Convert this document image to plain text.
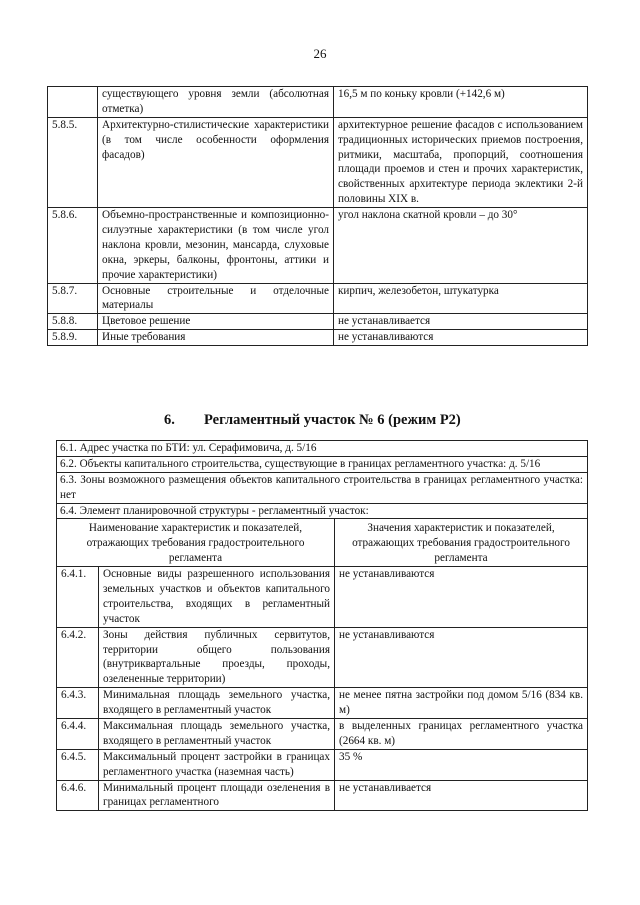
26
	существующего уровня земли (абсолютная отметка)	16,5 м по коньку кровли (+142,6 м)
5.8.5.	Архитектурно-стилистические характеристики (в том числе особенности оформления фасадов)	архитектурное решение фасадов с использованием традиционных исторических приемов построения, ритмики, масштаба, пропорций, соотношения площади проемов и стен и прочих характеристик, свойственных архитектуре периода эклектики 2-й половины XIX в.
5.8.6.	Объемно-пространственные и композиционно-силуэтные характеристики (в том числе угол наклона кровли, мезонин, мансарда, слуховые окна, эркеры, балконы, фронтоны, аттики и прочие характеристики)	угол наклона скатной кровли – до 30°
5.8.7.	Основные строительные и отделочные материалы	кирпич, железобетон, штукатурка
5.8.8.	Цветовое решение	не устанавливается
5.8.9.	Иные требования	не устанавливаются
6. Регламентный участок № 6 (режим Р2)
6.1. Адрес участка по БТИ: ул. Серафимовича, д. 5/16		
6.2. Объекты капитального строительства, существующие в границах регламентного участка: д. 5/16		
6.3. Зоны возможного размещения объектов капитального строительства в границах регламентного участка: нет		
6.4. Элемент планировочной структуры - регламентный участок:		
Наименование характеристик и показателей, отражающих требования градостроительного регламента		Значения характеристик и показателей, отражающих требования градостроительного регламента
6.4.1.	Основные виды разрешенного использования земельных участков и объектов капитального строительства, входящих в регламентный участок	не устанавливаются
6.4.2.	Зоны действия публичных сервитутов, территории общего пользования (внутриквартальные проезды, проходы, озелененные территории)	не устанавливаются
6.4.3.	Минимальная площадь земельного участка, входящего в регламентный участок	не менее пятна застройки под домом 5/16 (834 кв. м)
6.4.4.	Максимальная площадь земельного участка, входящего в регламентный участок	в выделенных границах регламентного участка (2664 кв. м)
6.4.5.	Максимальный процент застройки в границах регламентного участка (наземная часть)	35 %
6.4.6.	Минимальный процент площади озеленения в границах регламентного	не устанавливается
